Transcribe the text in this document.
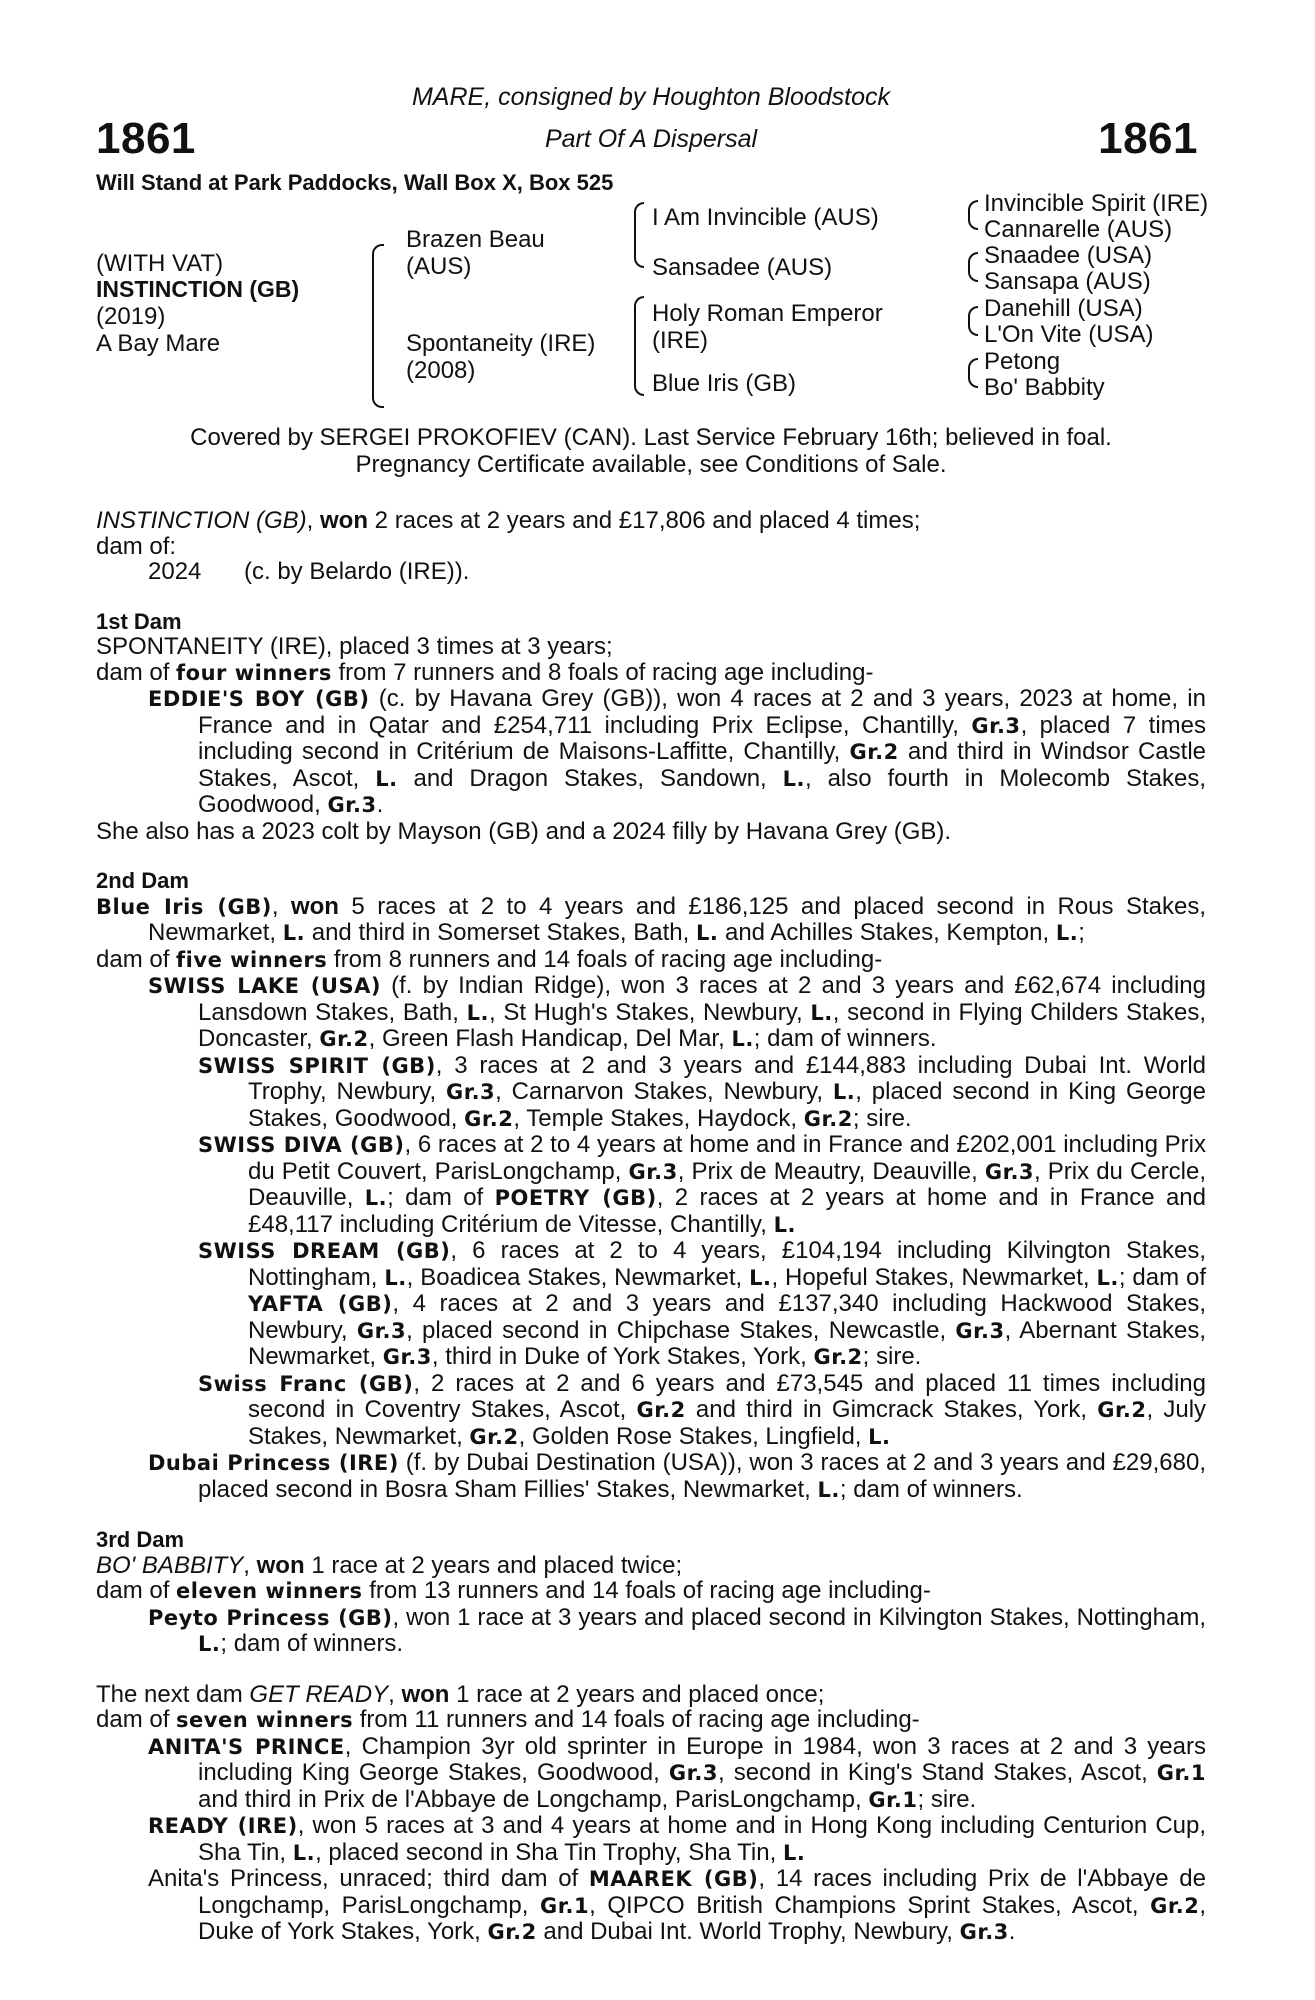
1861
MARE, consigned by Houghton Bloodstock
Part Of A Dispersal	1861
Will Stand at Park Paddocks, Wall Box X, Box 525
(WITH VAT)
INSTINCTION (GB)
(2019)
A Bay Mare
Brazen Beau
(AUS)
Spontaneity (IRE)
(2008)
I Am Invincible (AUS)
Sansadee (AUS)
Holy Roman Emperor
(IRE)
Blue Iris (GB)
Invincible Spirit (IRE)
Cannarelle (AUS)
Snaadee (USA)
Sansapa (AUS)
Danehill (USA)
L'On Vite (USA)
Petong
Bo' Babbity
Covered by SERGEI PROKOFIEV (CAN). Last Service February 16th; believed in foal.
Pregnancy Certificate available, see Conditions of Sale.

INSTINCTION (GB), won 2 races at 2 years and £17,806 and placed 4 times;

dam of:

2024 (c. by Belardo (IRE)).

1st Dam

SPONTANEITY (IRE), placed 3 times at 3 years;

dam of four winners from 7 runners and 8 foals of racing age including-

EDDIE'S BOY (GB) (c. by Havana Grey (GB)), won 4 races at 2 and 3 years, 2023 at home, in France and in Qatar and £254,711 including Prix Eclipse, Chantilly, Gr.3, placed 7 times including second in Critérium de Maisons-Laffitte, Chantilly, Gr.2 and third in Windsor Castle Stakes, Ascot, L. and Dragon Stakes, Sandown, L., also fourth in Molecomb Stakes, Goodwood, Gr.3.

She also has a 2023 colt by Mayson (GB) and a 2024 filly by Havana Grey (GB).

2nd Dam

Blue Iris (GB), won 5 races at 2 to 4 years and £186,125 and placed second in Rous Stakes, Newmarket, L. and third in Somerset Stakes, Bath, L. and Achilles Stakes, Kempton, L.;

dam of five winners from 8 runners and 14 foals of racing age including-

SWISS LAKE (USA) (f. by Indian Ridge), won 3 races at 2 and 3 years and £62,674 including Lansdown Stakes, Bath, L., St Hugh's Stakes, Newbury, L., second in Flying Childers Stakes, Doncaster, Gr.2, Green Flash Handicap, Del Mar, L.; dam of winners.

SWISS SPIRIT (GB), 3 races at 2 and 3 years and £144,883 including Dubai Int. World Trophy, Newbury, Gr.3, Carnarvon Stakes, Newbury, L., placed second in King George Stakes, Goodwood, Gr.2, Temple Stakes, Haydock, Gr.2; sire.

SWISS DIVA (GB), 6 races at 2 to 4 years at home and in France and £202,001 including Prix du Petit Couvert, ParisLongchamp, Gr.3, Prix de Meautry, Deauville, Gr.3, Prix du Cercle, Deauville, L.; dam of POETRY (GB), 2 races at 2 years at home and in France and £48,117 including Critérium de Vitesse, Chantilly, L.

SWISS DREAM (GB), 6 races at 2 to 4 years, £104,194 including Kilvington Stakes, Nottingham, L., Boadicea Stakes, Newmarket, L., Hopeful Stakes, Newmarket, L.; dam of YAFTA (GB), 4 races at 2 and 3 years and £137,340 including Hackwood Stakes, Newbury, Gr.3, placed second in Chipchase Stakes, Newcastle, Gr.3, Abernant Stakes, Newmarket, Gr.3, third in Duke of York Stakes, York, Gr.2; sire.

Swiss Franc (GB), 2 races at 2 and 6 years and £73,545 and placed 11 times including second in Coventry Stakes, Ascot, Gr.2 and third in Gimcrack Stakes, York, Gr.2, July Stakes, Newmarket, Gr.2, Golden Rose Stakes, Lingfield, L.

Dubai Princess (IRE) (f. by Dubai Destination (USA)), won 3 races at 2 and 3 years and £29,680, placed second in Bosra Sham Fillies' Stakes, Newmarket, L.; dam of winners.

3rd Dam

BO' BABBITY, won 1 race at 2 years and placed twice;

dam of eleven winners from 13 runners and 14 foals of racing age including-

Peyto Princess (GB), won 1 race at 3 years and placed second in Kilvington Stakes, Nottingham, L.; dam of winners.

The next dam GET READY, won 1 race at 2 years and placed once;

dam of seven winners from 11 runners and 14 foals of racing age including-

ANITA'S PRINCE, Champion 3yr old sprinter in Europe in 1984, won 3 races at 2 and 3 years including King George Stakes, Goodwood, Gr.3, second in King's Stand Stakes, Ascot, Gr.1 and third in Prix de l'Abbaye de Longchamp, ParisLongchamp, Gr.1; sire.

READY (IRE), won 5 races at 3 and 4 years at home and in Hong Kong including Centurion Cup, Sha Tin, L., placed second in Sha Tin Trophy, Sha Tin, L.

Anita's Princess, unraced; third dam of MAAREK (GB), 14 races including Prix de l'Abbaye de Longchamp, ParisLongchamp, Gr.1, QIPCO British Champions Sprint Stakes, Ascot, Gr.2, Duke of York Stakes, York, Gr.2 and Dubai Int. World Trophy, Newbury, Gr.3.
